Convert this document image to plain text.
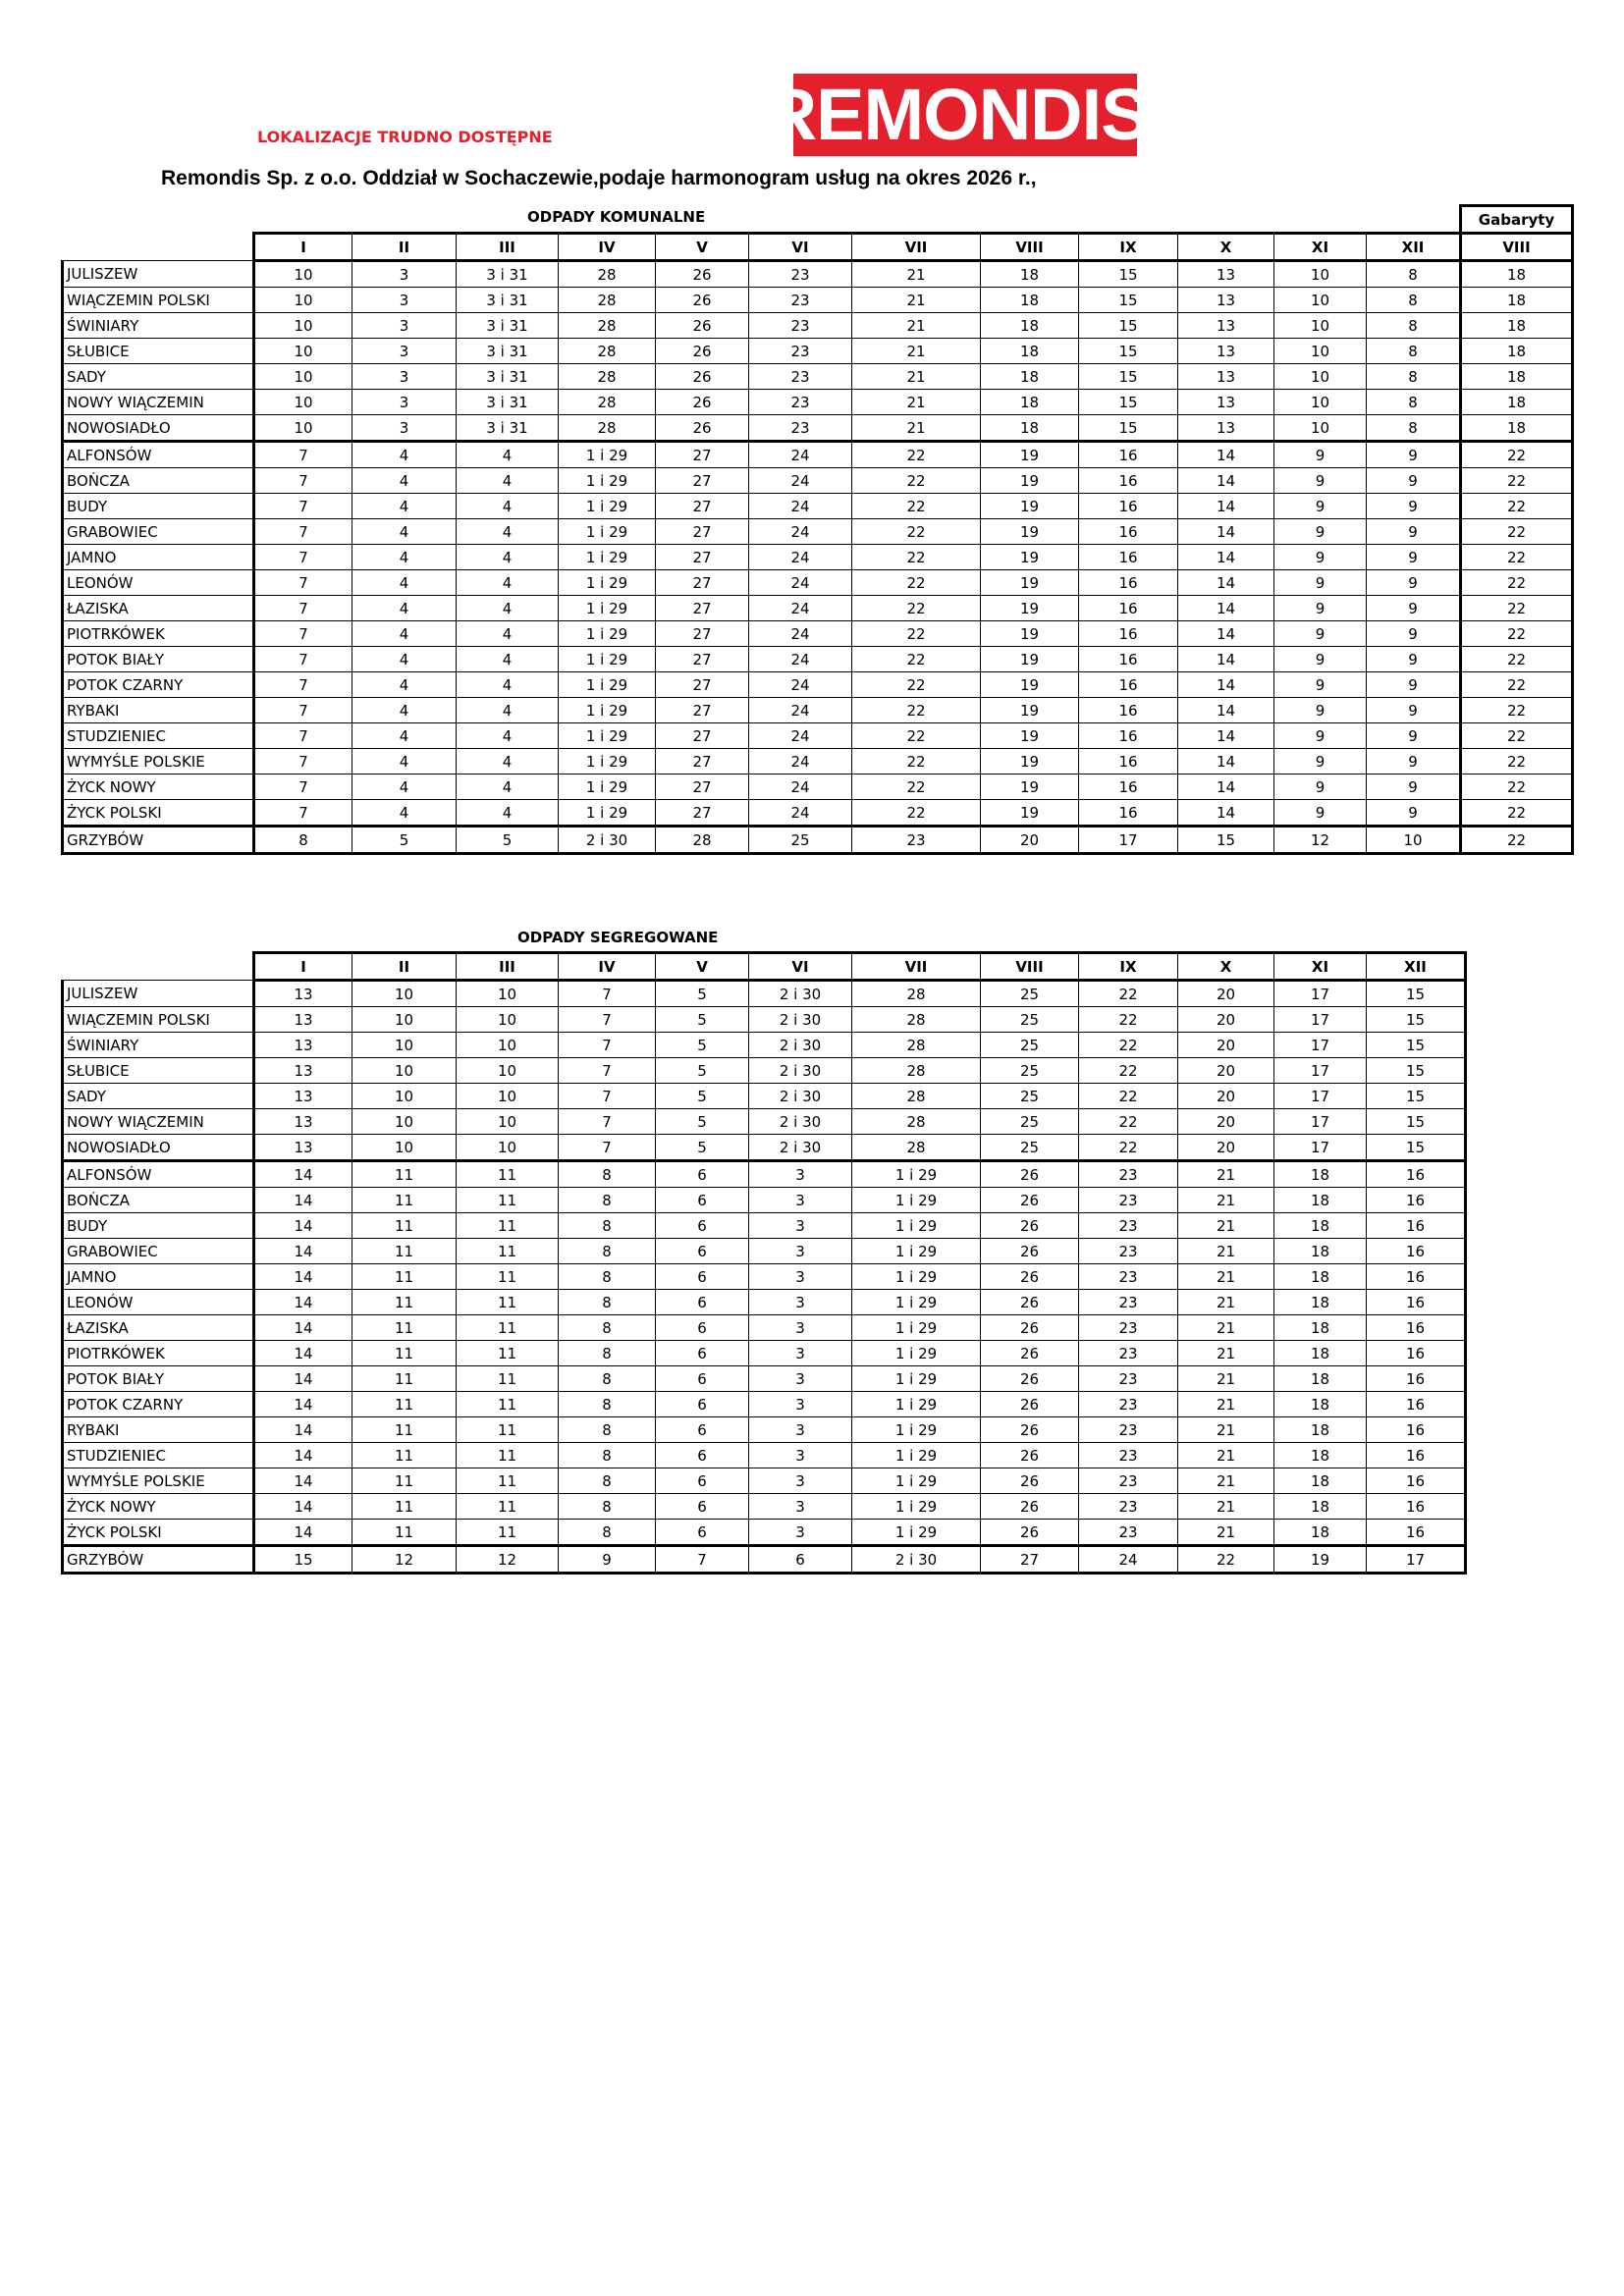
REMONDIS ®
LOKALIZACJE TRUDNO DOSTĘPNE
Remondis Sp. z o.o. Oddział w Sochaczewie,podaje harmonogram usług na okres 2026 r.,
ODPADY KOMUNALNE
														Gabaryty
	I	II	III	IV	V	VI	VII	VIII	IX	X	XI	XII	VIII
JULISZEW	10	3	3 i 31	28	26	23	21	18	15	13	10	8	18
WIĄCZEMIN POLSKI	10	3	3 i 31	28	26	23	21	18	15	13	10	8	18
ŚWINIARY	10	3	3 i 31	28	26	23	21	18	15	13	10	8	18
SŁUBICE	10	3	3 i 31	28	26	23	21	18	15	13	10	8	18
SADY	10	3	3 i 31	28	26	23	21	18	15	13	10	8	18
NOWY WIĄCZEMIN	10	3	3 i 31	28	26	23	21	18	15	13	10	8	18
NOWOSIADŁO	10	3	3 i 31	28	26	23	21	18	15	13	10	8	18
ALFONSÓW	7	4	4	1 i 29	27	24	22	19	16	14	9	9	22
BOŃCZA	7	4	4	1 i 29	27	24	22	19	16	14	9	9	22
BUDY	7	4	4	1 i 29	27	24	22	19	16	14	9	9	22
GRABOWIEC	7	4	4	1 i 29	27	24	22	19	16	14	9	9	22
JAMNO	7	4	4	1 i 29	27	24	22	19	16	14	9	9	22
LEONÓW	7	4	4	1 i 29	27	24	22	19	16	14	9	9	22
ŁAZISKA	7	4	4	1 i 29	27	24	22	19	16	14	9	9	22
PIOTRKÓWEK	7	4	4	1 i 29	27	24	22	19	16	14	9	9	22
POTOK BIAŁY	7	4	4	1 i 29	27	24	22	19	16	14	9	9	22
POTOK CZARNY	7	4	4	1 i 29	27	24	22	19	16	14	9	9	22
RYBAKI	7	4	4	1 i 29	27	24	22	19	16	14	9	9	22
STUDZIENIEC	7	4	4	1 i 29	27	24	22	19	16	14	9	9	22
WYMYŚLE POLSKIE	7	4	4	1 i 29	27	24	22	19	16	14	9	9	22
ŻYCK NOWY	7	4	4	1 i 29	27	24	22	19	16	14	9	9	22
ŻYCK POLSKI	7	4	4	1 i 29	27	24	22	19	16	14	9	9	22
GRZYBÓW	8	5	5	2 i 30	28	25	23	20	17	15	12	10	22
ODPADY SEGREGOWANE
	I	II	III	IV	V	VI	VII	VIII	IX	X	XI	XII
JULISZEW	13	10	10	7	5	2 i 30	28	25	22	20	17	15
WIĄCZEMIN POLSKI	13	10	10	7	5	2 i 30	28	25	22	20	17	15
ŚWINIARY	13	10	10	7	5	2 i 30	28	25	22	20	17	15
SŁUBICE	13	10	10	7	5	2 i 30	28	25	22	20	17	15
SADY	13	10	10	7	5	2 i 30	28	25	22	20	17	15
NOWY WIĄCZEMIN	13	10	10	7	5	2 i 30	28	25	22	20	17	15
NOWOSIADŁO	13	10	10	7	5	2 i 30	28	25	22	20	17	15
ALFONSÓW	14	11	11	8	6	3	1 i 29	26	23	21	18	16
BOŃCZA	14	11	11	8	6	3	1 i 29	26	23	21	18	16
BUDY	14	11	11	8	6	3	1 i 29	26	23	21	18	16
GRABOWIEC	14	11	11	8	6	3	1 i 29	26	23	21	18	16
JAMNO	14	11	11	8	6	3	1 i 29	26	23	21	18	16
LEONÓW	14	11	11	8	6	3	1 i 29	26	23	21	18	16
ŁAZISKA	14	11	11	8	6	3	1 i 29	26	23	21	18	16
PIOTRKÓWEK	14	11	11	8	6	3	1 i 29	26	23	21	18	16
POTOK BIAŁY	14	11	11	8	6	3	1 i 29	26	23	21	18	16
POTOK CZARNY	14	11	11	8	6	3	1 i 29	26	23	21	18	16
RYBAKI	14	11	11	8	6	3	1 i 29	26	23	21	18	16
STUDZIENIEC	14	11	11	8	6	3	1 i 29	26	23	21	18	16
WYMYŚLE POLSKIE	14	11	11	8	6	3	1 i 29	26	23	21	18	16
ŻYCK NOWY	14	11	11	8	6	3	1 i 29	26	23	21	18	16
ŻYCK POLSKI	14	11	11	8	6	3	1 i 29	26	23	21	18	16
GRZYBÓW	15	12	12	9	7	6	2 i 30	27	24	22	19	17
